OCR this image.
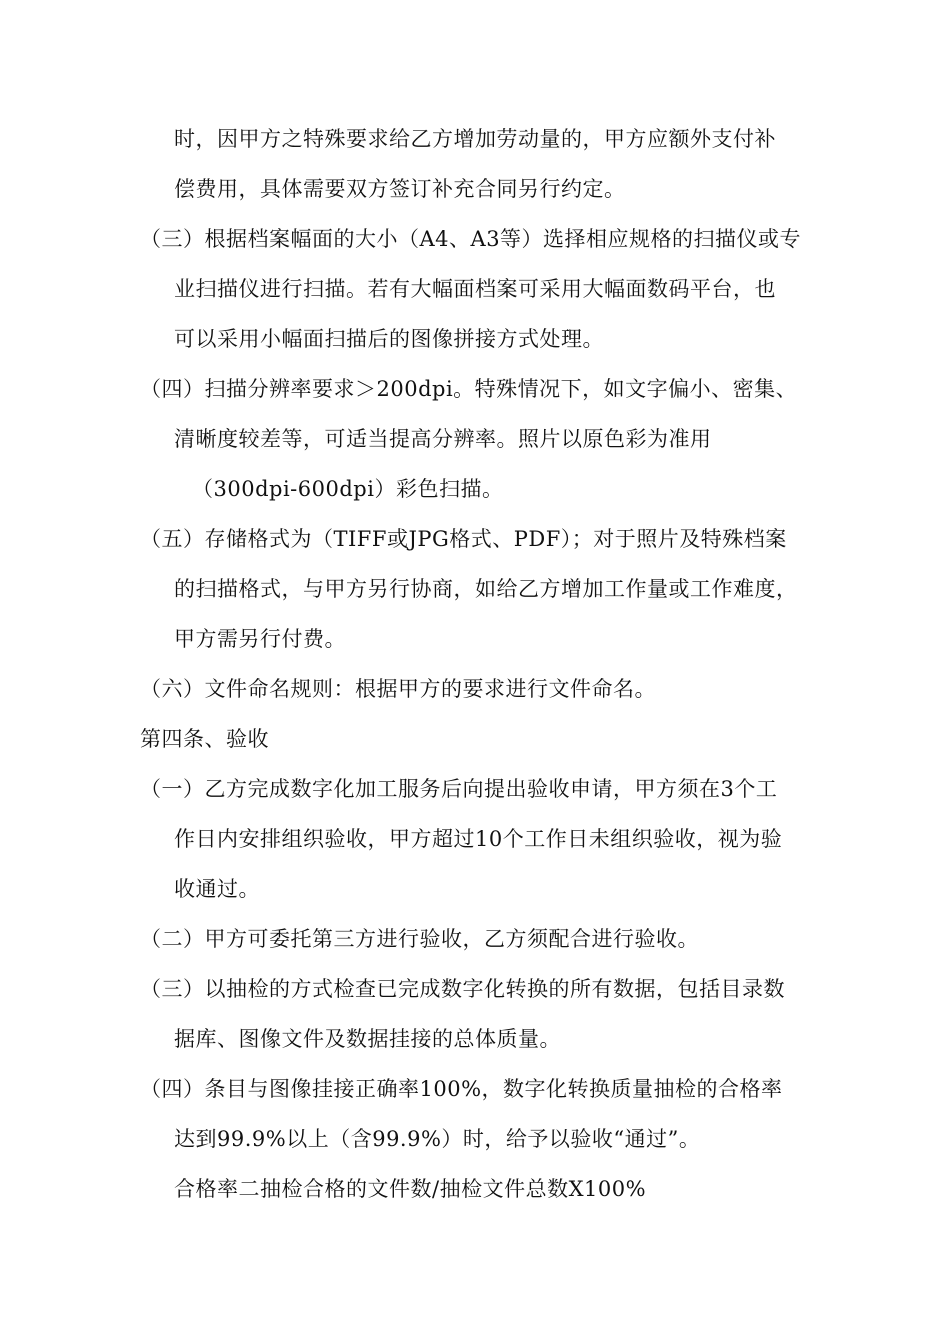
时，因甲方之特殊要求给乙方增加劳动量的，甲方应额外支付补
偿费用，具体需要双方签订补充合同另行约定。
（三）根据档案幅面的大小（A4、A3等）选择相应规格的扫描仪或专
业扫描仪进行扫描。若有大幅面档案可采用大幅面数码平台，也
可以采用小幅面扫描后的图像拼接方式处理。
（四）扫描分辨率要求＞200dpi。特殊情况下，如文字偏小、密集、
清晰度较差等，可适当提高分辨率。照片以原色彩为准用
（300dpi-600dpi）彩色扫描。
（五）存储格式为（TIFF或JPG格式、PDF）；对于照片及特殊档案
的扫描格式，与甲方另行协商，如给乙方增加工作量或工作难度，
甲方需另行付费。
（六）文件命名规则：根据甲方的要求进行文件命名。
第四条、验收
（一）乙方完成数字化加工服务后向提出验收申请，甲方须在3个工
作日内安排组织验收，甲方超过10个工作日未组织验收，视为验
收通过。
（二）甲方可委托第三方进行验收，乙方须配合进行验收。
（三）以抽检的方式检查已完成数字化转换的所有数据，包括目录数
据库、图像文件及数据挂接的总体质量。
（四）条目与图像挂接正确率100%，数字化转换质量抽检的合格率
达到99.9%以上（含99.9%）时，给予以验收“通过”。
合格率二抽检合格的文件数/抽检文件总数X100%
